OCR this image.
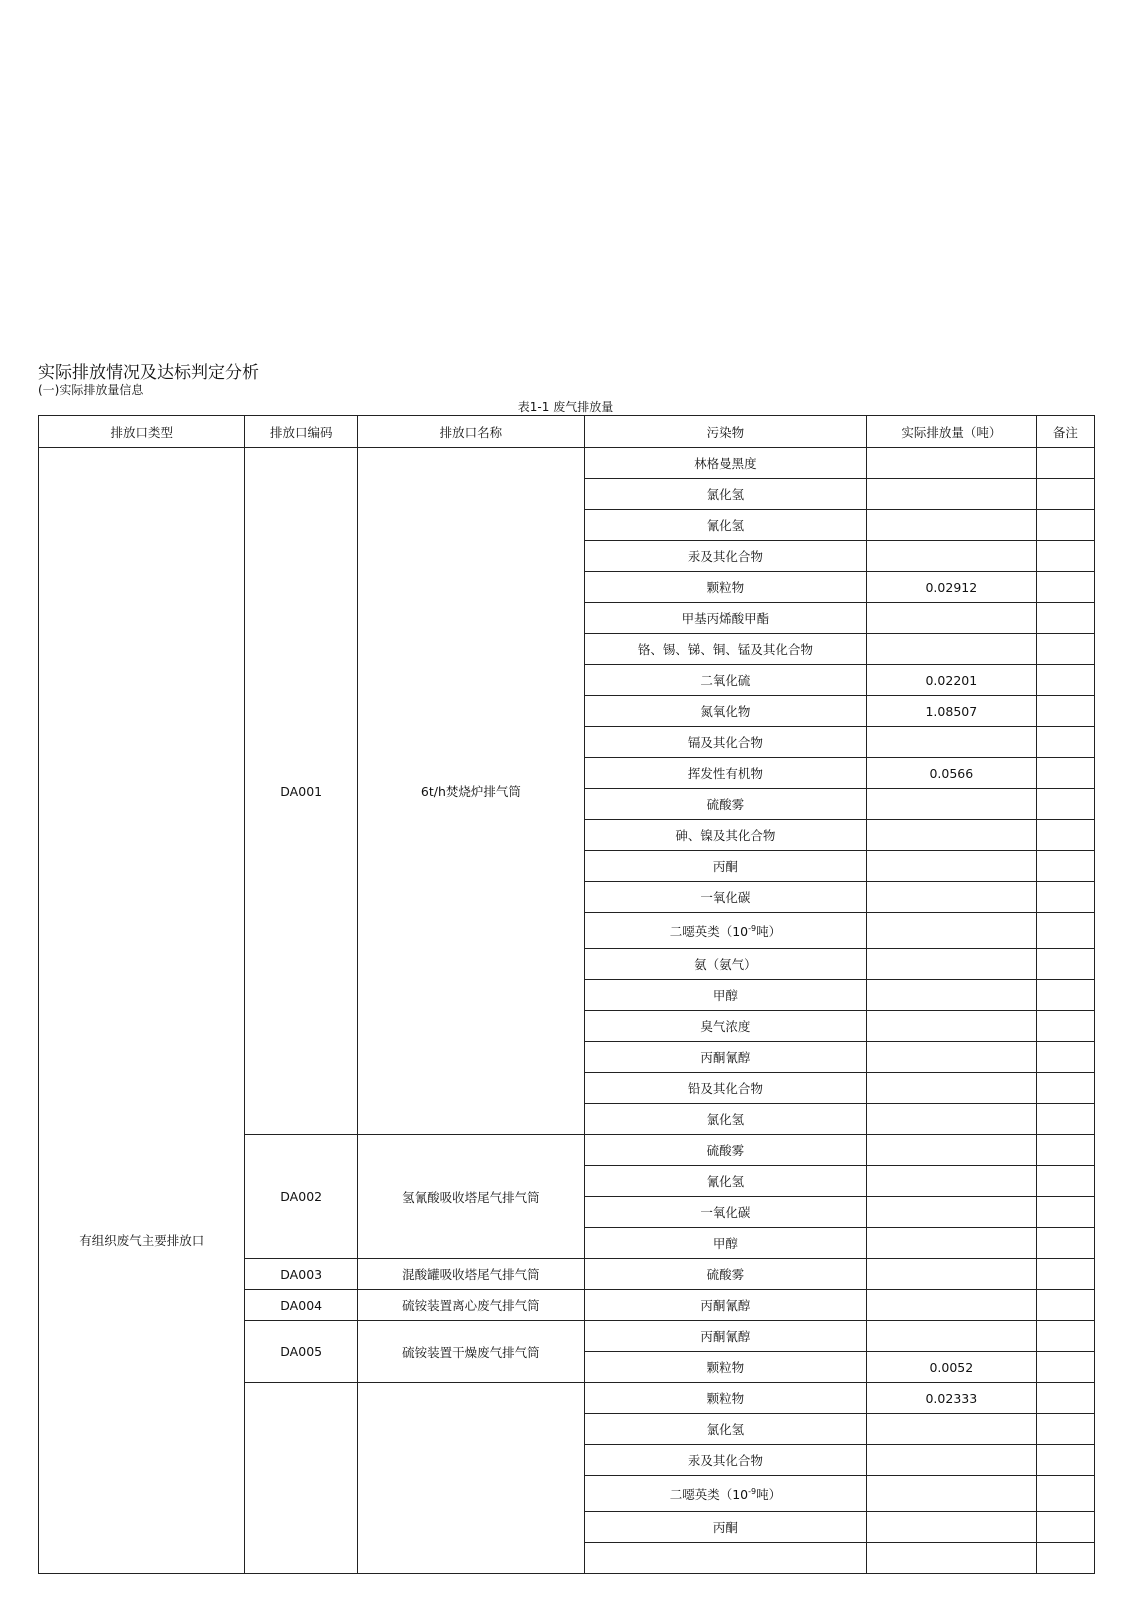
实际排放情况及达标判定分析
(一)实际排放量信息
表1-1 废气排放量
排放口类型	排放口编码	排放口名称	污染物	实际排放量（吨）	备注
有组织废气主要排放口	DA001	6t/h焚烧炉排气筒	林格曼黑度		
			氯化氢		
			氰化氢		
			汞及其化合物		
			颗粒物	0.02912	
			甲基丙烯酸甲酯		
			铬、锡、锑、铜、锰及其化合物		
			二氧化硫	0.02201	
			氮氧化物	1.08507	
			镉及其化合物		
			挥发性有机物	0.0566	
			硫酸雾		
			砷、镍及其化合物		
			丙酮		
			一氧化碳		
			二噁英类（$10^{-9}$吨）		
			氨（氨气）		
			甲醇		
			臭气浓度		
			丙酮氰醇		
			铅及其化合物		
			氯化氢		
	DA002	氢氰酸吸收塔尾气排气筒	硫酸雾		
			氰化氢		
			一氧化碳		
			甲醇		
	DA003	混酸罐吸收塔尾气排气筒	硫酸雾		
	DA004	硫铵装置离心废气排气筒	丙酮氰醇		
	DA005	硫铵装置干燥废气排气筒	丙酮氰醇		
			颗粒物	0.0052	
			颗粒物	0.02333	
			氯化氢		
			汞及其化合物		
			二噁英类（$10^{-9}$吨）		
			丙酮		
